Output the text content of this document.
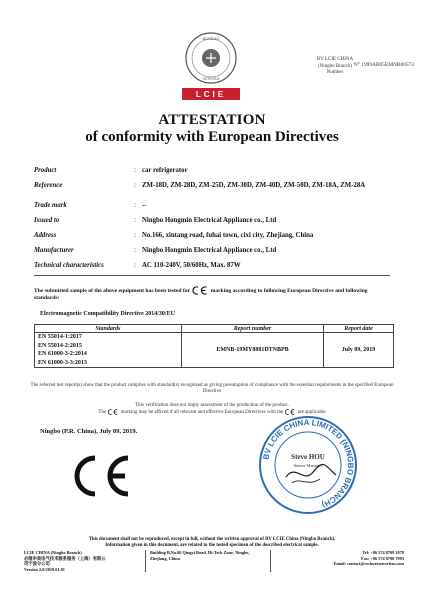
BUREAU
VERITAS
LCIE
BV LCIE CHINA
(Ningbo Branch)
Number
N° 1999AB05EMNB00573
ATTESTATION
of conformity with European Directives
Product	: car refrigerator
Reference	: ZM-18D, ZM-28D, ZM-25D, ZM-30D, ZM-40D, ZM-50D, ZM-18A, ZM-28A
Trade mark	: --
Issued to	: Ningbo Hongmin Electrical Appliance co., Ltd
Address	: No.166, xintang road, fuhai town, cixi city, Zhejiang, China
Manufacturer	: Ningbo Hongmin Electrical Appliance co., Ltd
Technical characteristics	: AC 110-240V, 50/60Hz, Max. 87W
The submitted sample of the above equipment has been tested for	marking according to following European Directive and following standards:
Electromagnetic Compatibility Directive 2014/30/EU
Standards	Report number	Report date

EN 55014-1:2017
EN 55014-2:2015
EN 61000-3-2:2014
EN 61000-3-3:2013	EMNB-19MY0881DTNBPB	July 09, 2019
The referred test report(s) show that the product complies with standard(s) recognized as giving presumption of compliance with the essential requirements in the specified European Directive
This verification does not imply assessment of the production of the product.
The	marking may be affixed if all relevant and effective European Directives with the	are applicable
Ningbo (P.R. China), July 09, 2019.
BV LCIE CHINA LIMITED (NINGBO BRANCH)
Steve HOU
Senior Manager
This document shall not be reproduced, except in full, without the written approval of BV LCIE China (Ningbo Branch).
Information given in this document, are related to the tested specimen of the described electrical sample.
LCIE CHINA (Ningbo Branch)
必维申美电气技术服务服务（上海）有限公
司宁波分公司
Version 2.0/2019.01.01
Building B,No.66 Qingyi Road, Hi-Tech Zone, Ningbo, Zhejiang, China
Tel: +86 574 8709 1078
Fax: +86 574 8790 7993
Email: contact@cn.bureauveritas.com
